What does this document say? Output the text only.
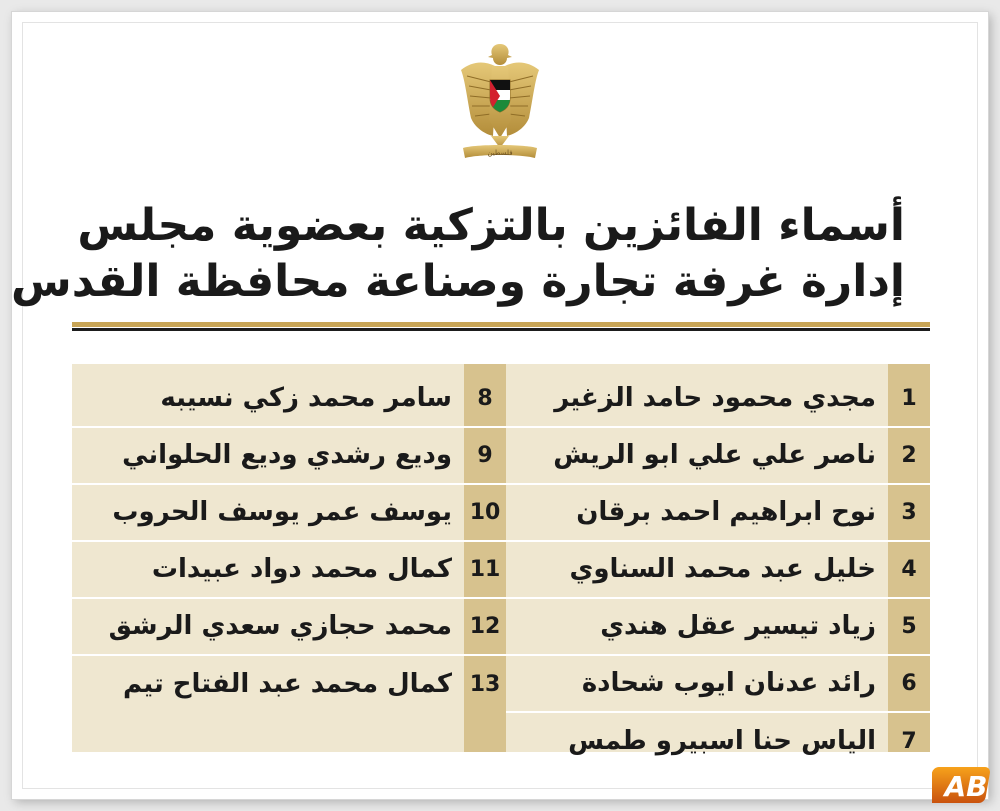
فلسطين
أسماء الفائزين بالتزكية بعضوية مجلس
إدارة غرفة تجارة وصناعة محافظة القدس
1
مجدي محمود حامد الزغير
2
ناصر علي علي ابو الريش
3
نوح ابراهيم احمد برقان
4
خليل عبد محمد السناوي
5
زياد تيسير عقل هندي
6
رائد عدنان ايوب شحادة
7
الياس حنا اسبيرو طمس
8
سامر محمد زكي نسيبه
9
وديع رشدي وديع الحلواني
10
يوسف عمر يوسف الحروب
11
كمال محمد دواد عبيدات
12
محمد حجازي سعدي الرشق
13
كمال محمد عبد الفتاح تيم
AB
